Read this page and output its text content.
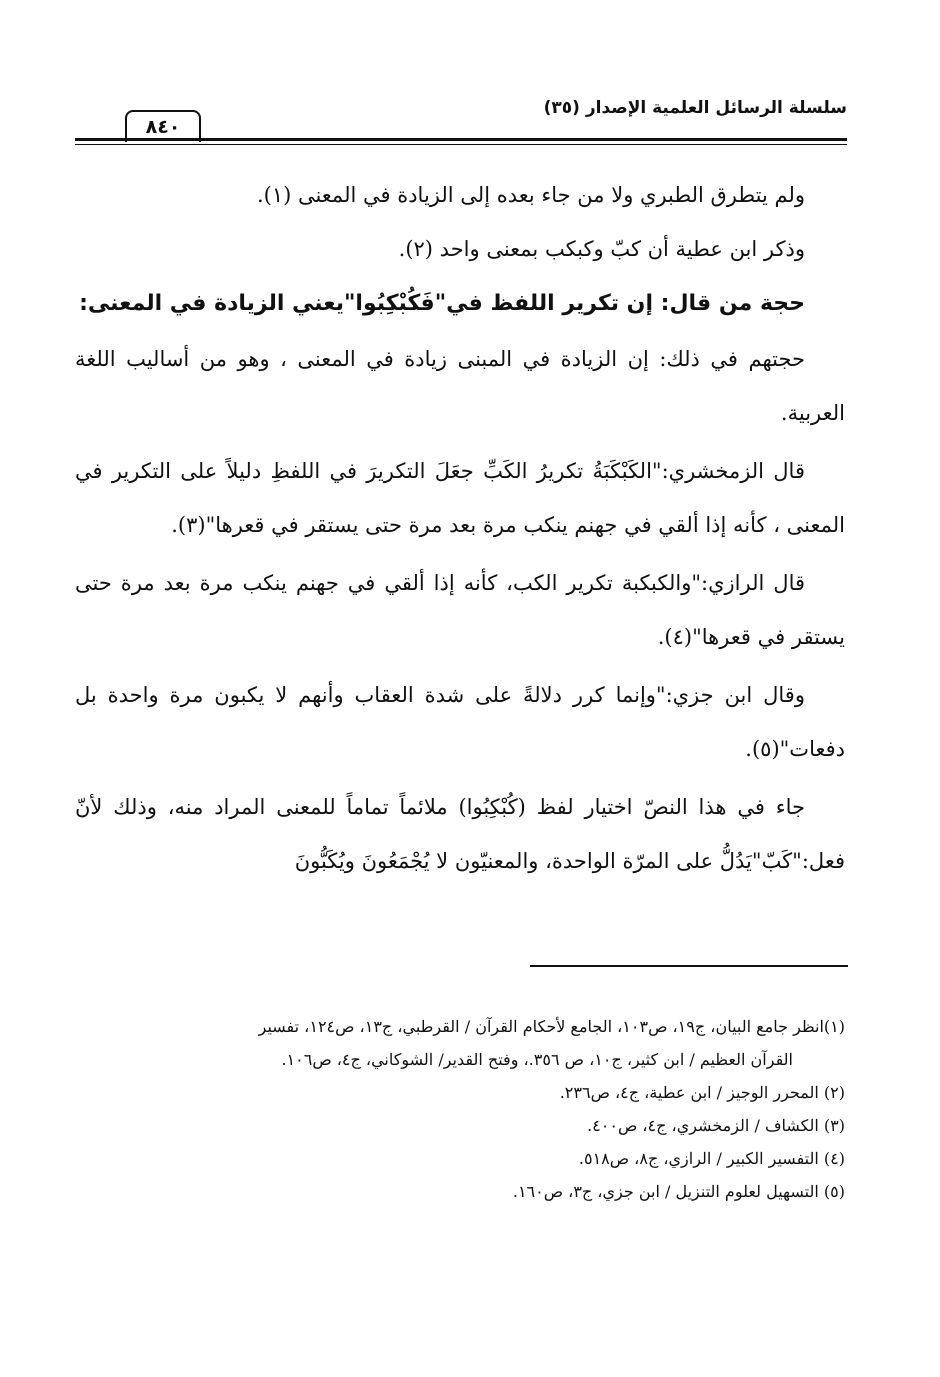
سلسلة الرسائل العلمية الإصدار (٣٥)
٨٤٠

ولم يتطرق الطبري ولا من جاء بعده إلى الزيادة في المعنى (١).

وذكر ابن عطية أن كبّ وكبكب بمعنى واحد (٢).

حجة من قال: إن تكرير اللفظ في"فَكُبْكِبُوا"يعني الزيادة في المعنى:

حجتهم في ذلك: إن الزيادة في المبنى زيادة في المعنى ، وهو من أساليب اللغة العربية.

قال الزمخشري:"الكَبْكَبَةُ تكريرُ الكَبِّ جعَلَ التكريرَ في اللفظِ دليلاً على التكرير في المعنى ، كأنه إذا ألقي في جهنم ينكب مرة بعد مرة حتى يستقر في قعرها"(٣).

قال الرازي:"والكبكبة تكرير الكب، كأنه إذا ألقي في جهنم ينكب مرة بعد مرة حتى يستقر في قعرها"(٤).

وقال ابن جزي:"وإنما كرر دلالةً على شدة العقاب وأنهم لا يكبون مرة واحدة بل دفعات"(٥).

جاء في هذا النصّ اختيار لفظ (كُبْكِبُوا) ملائماً تماماً للمعنى المراد منه، وذلك لأنّ فعل:"كَبّ"يَدُلُّ على المرّة الواحدة، والمعنيّون لا يُجْمَعُونَ ويُكَبُّونَ

(١)انظر جامع البيان، ج١٩، ص١٠٣، الجامع لأحكام القرآن / القرطبي، ج١٣، ص١٢٤، تفسير

القرآن العظيم / ابن كثير، ج١٠، ص ٣٥٦.، وفتح القدير/ الشوكاني، ج٤، ص١٠٦.

(٢) المحرر الوجيز / ابن عطية، ج٤، ص٢٣٦.

(٣) الكشاف / الزمخشري، ج٤، ص٤٠٠.

(٤) التفسير الكبير / الرازي، ج٨، ص٥١٨.

(٥) التسهيل لعلوم التنزيل / ابن جزي، ج٣، ص١٦٠.
